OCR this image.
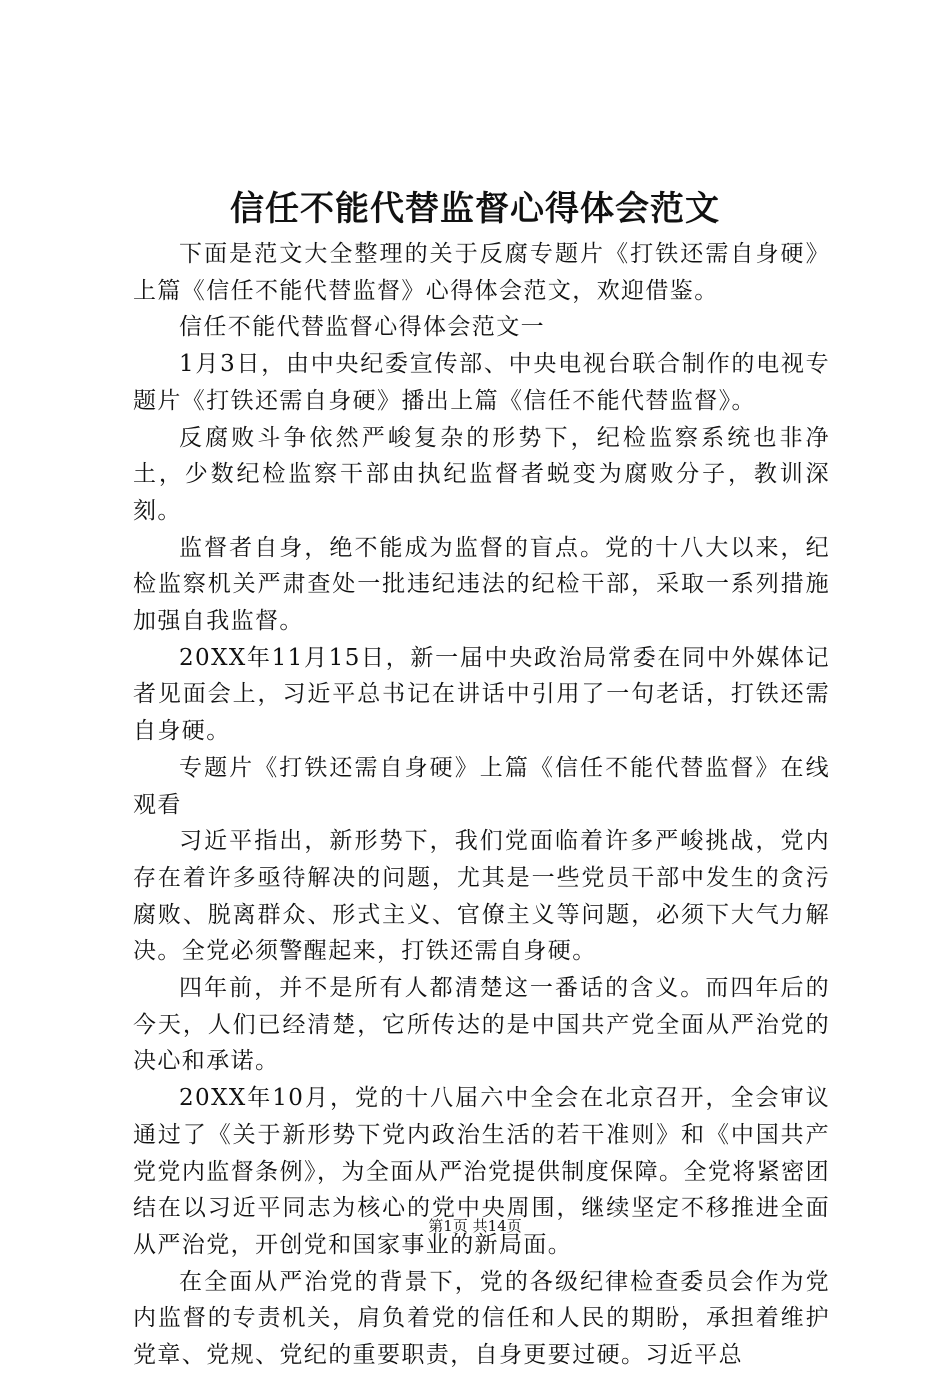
信任不能代替监督心得体会范文

下面是范文大全整理的关于反腐专题片《打铁还需自身硬》上篇《信任不能代替监督》心得体会范文，欢迎借鉴。

信任不能代替监督心得体会范文一

1月3日，由中央纪委宣传部、中央电视台联合制作的电视专题片《打铁还需自身硬》播出上篇《信任不能代替监督》。

反腐败斗争依然严峻复杂的形势下，纪检监察系统也非净土，少数纪检监察干部由执纪监督者蜕变为腐败分子，教训深刻。

监督者自身，绝不能成为监督的盲点。党的十八大以来，纪检监察机关严肃查处一批违纪违法的纪检干部，采取一系列措施加强自我监督。

20XX年11月15日，新一届中央政治局常委在同中外媒体记者见面会上，习近平总书记在讲话中引用了一句老话，打铁还需自身硬。

专题片《打铁还需自身硬》上篇《信任不能代替监督》在线观看

习近平指出，新形势下，我们党面临着许多严峻挑战，党内存在着许多亟待解决的问题，尤其是一些党员干部中发生的贪污腐败、脱离群众、形式主义、官僚主义等问题，必须下大气力解决。全党必须警醒起来，打铁还需自身硬。

四年前，并不是所有人都清楚这一番话的含义。而四年后的今天，人们已经清楚，它所传达的是中国共产党全面从严治党的决心和承诺。

20XX年10月，党的十八届六中全会在北京召开，全会审议通过了《关于新形势下党内政治生活的若干准则》和《中国共产党党内监督条例》，为全面从严治党提供制度保障。全党将紧密团结在以习近平同志为核心的党中央周围，继续坚定不移推进全面从严治党，开创党和国家事业的新局面。

在全面从严治党的背景下，党的各级纪律检查委员会作为党内监督的专责机关，肩负着党的信任和人民的期盼，承担着维护党章、党规、党纪的重要职责，自身更要过硬。习近平总

第1页 共14页
